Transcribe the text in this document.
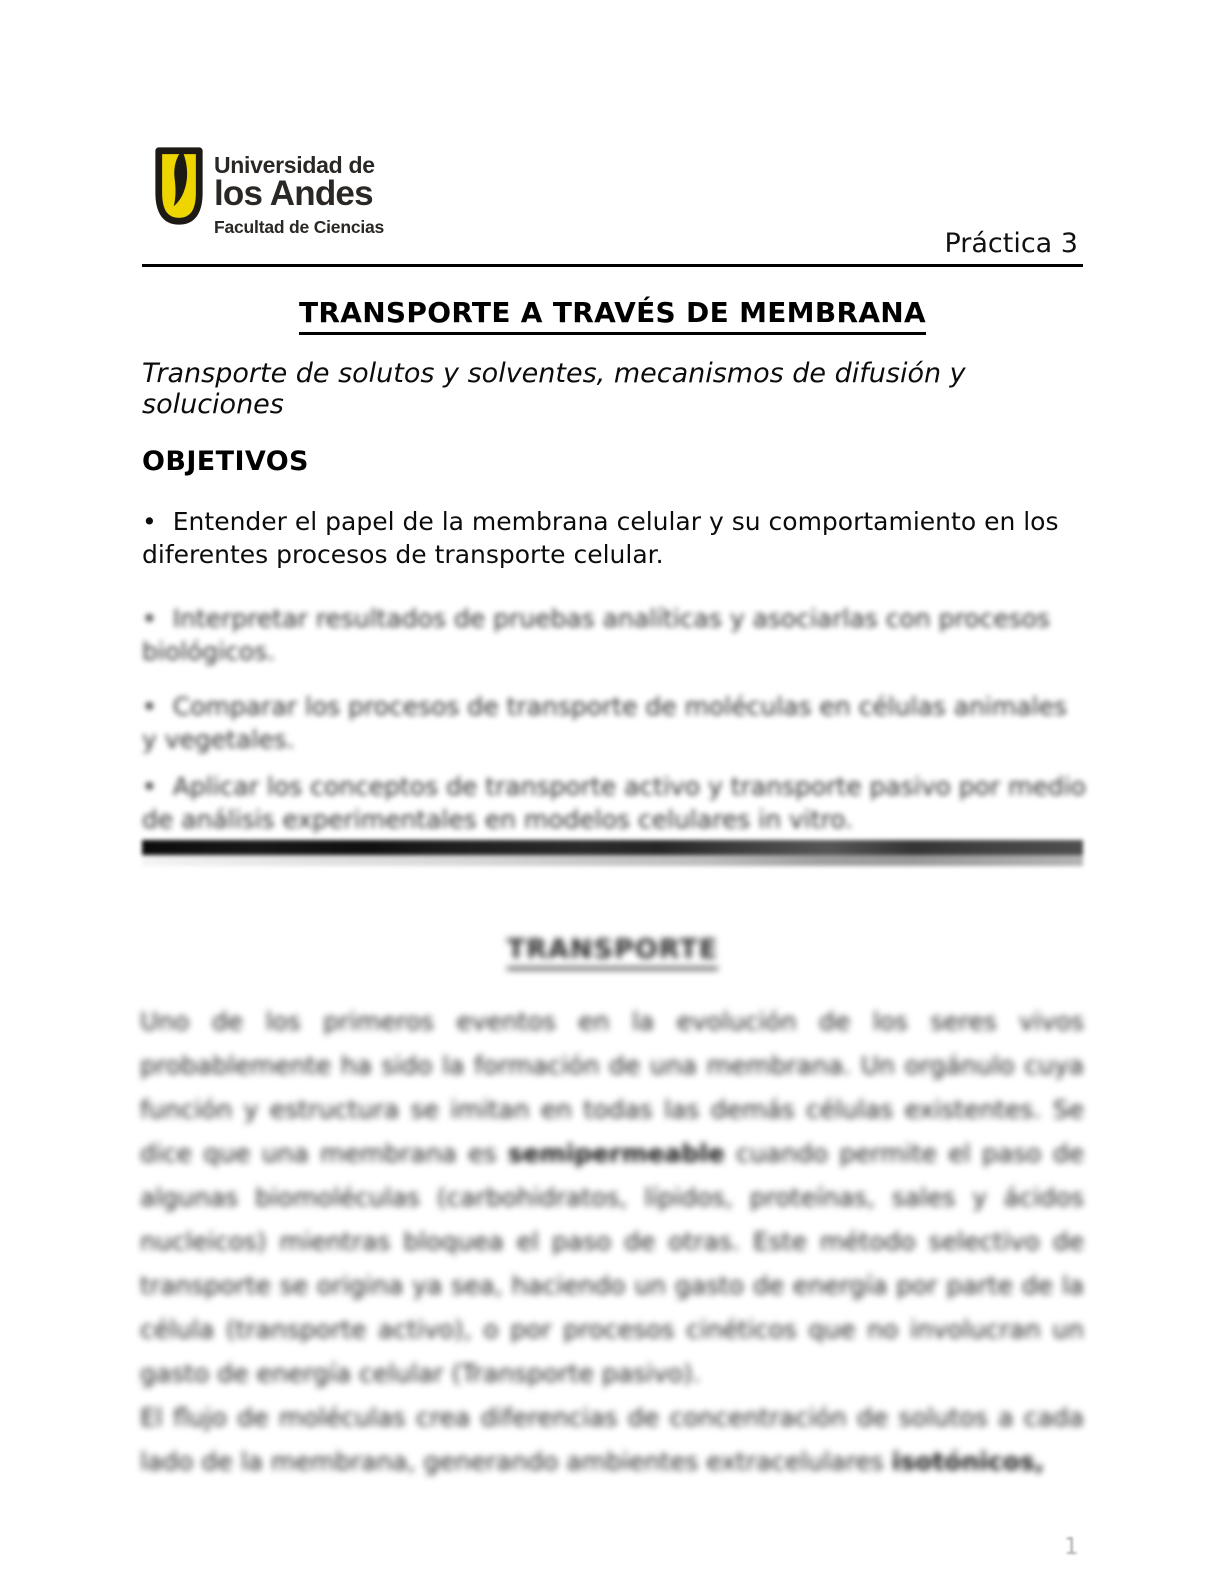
Universidad de
los Andes
Facultad de Ciencias
Práctica 3
TRANSPORTE A TRAVÉS DE MEMBRANA

Transporte de solutos y solventes, mecanismos de difusión y soluciones

OBJETIVOS

• Entender el papel de la membrana celular y su comportamiento en los diferentes procesos de transporte celular.

• Interpretar resultados de pruebas analíticas y asociarlas con procesos biológicos.

• Comparar los procesos de transporte de moléculas en células animales y vegetales.

• Aplicar los conceptos de transporte activo y transporte pasivo por medio de análisis experimentales en modelos celulares in vitro.

TRANSPORTE

Uno de los primeros eventos en la evolución de los seres vivos probablemente ha sido la formación de una membrana. Un orgánulo cuya función y estructura se imitan en todas las demás células existentes. Se dice que una membrana es semipermeable cuando permite el paso de algunas biomoléculas (carbohidratos, lípidos, proteínas, sales y ácidos nucleicos) mientras bloquea el paso de otras. Este método selectivo de transporte se origina ya sea, haciendo un gasto de energía por parte de la célula (transporte activo), o por procesos cinéticos que no involucran un gasto de energía celular (Transporte pasivo).

El flujo de moléculas crea diferencias de concentración de solutos a cada lado de la membrana, generando ambientes extracelulares isotónicos,

1
